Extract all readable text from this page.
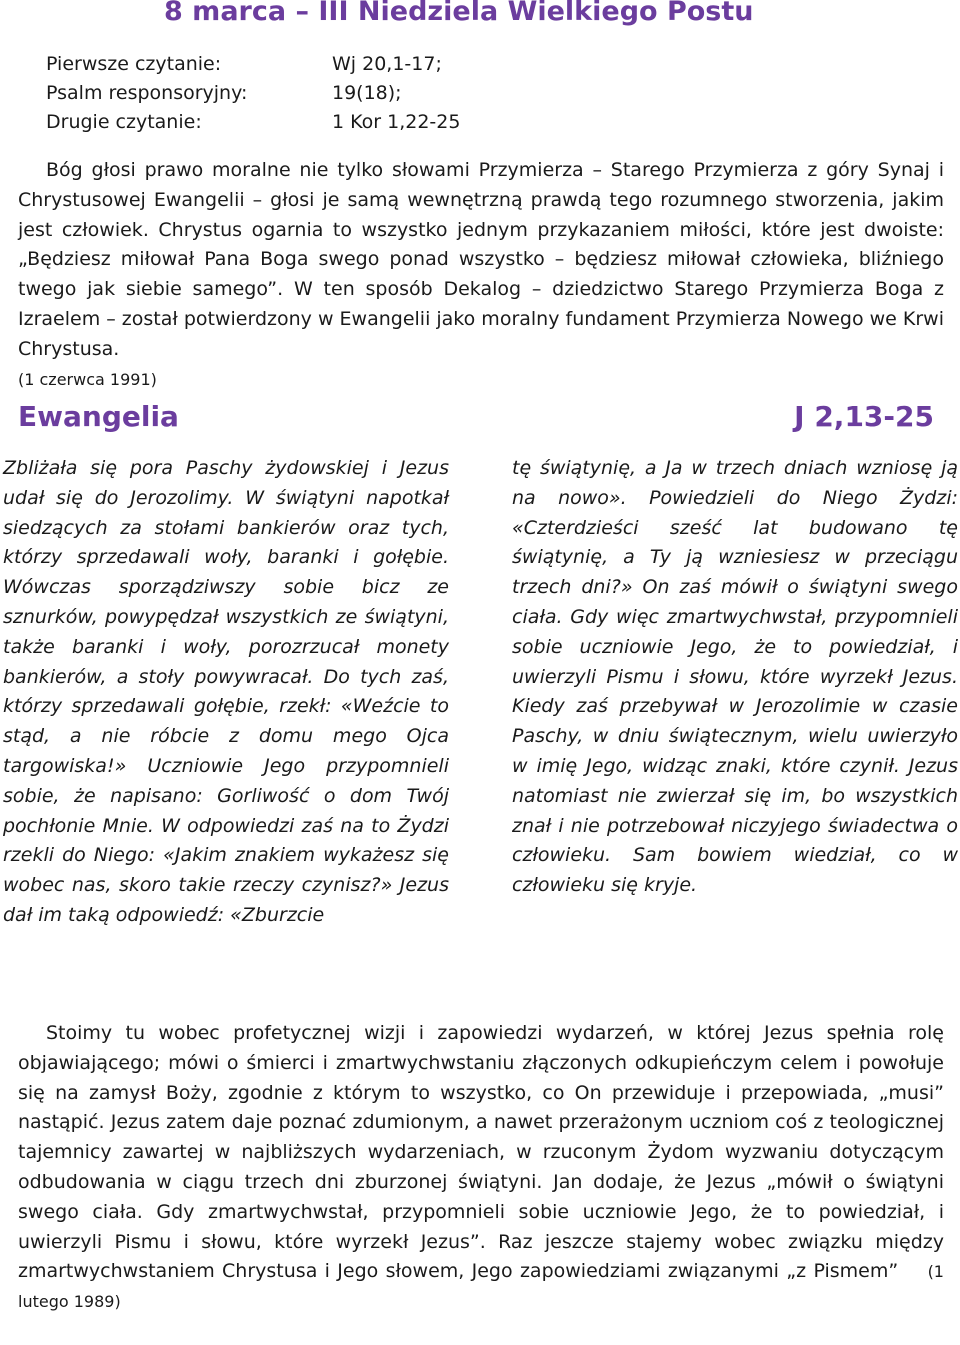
8 marca – III Niedziela Wielkiego Postu
Pierwsze czytanie:	Wj 20,1-17;
Psalm responsoryjny:	19(18);
Drugie czytanie:	1 Kor 1,22-25

Bóg głosi prawo moralne nie tylko słowami Przymierza – Starego Przymierza z góry Synaj i Chrystusowej Ewangelii – głosi je samą wewnętrzną prawdą tego rozumnego stworzenia, jakim jest człowiek. Chrystus ogarnia to wszystko jednym przykazaniem miłości, które jest dwoiste: „Będziesz miłował Pana Boga swego ponad wszystko – będziesz miłował człowieka, bliźniego twego jak siebie samego”. W ten sposób Dekalog – dziedzictwo Starego Przymierza Boga z Izraelem – został potwierdzony w Ewangelii jako moralny fundament Przymierza Nowego we Krwi Chrystusa.
(1 czerwca 1991)

Ewangelia	J 2,13-25

Zbliżała się pora Paschy żydowskiej i Jezus udał się do Jerozolimy. W świątyni napotkał siedzących za stołami bankierów oraz tych, którzy sprzedawali woły, baranki i gołębie. Wówczas sporządziwszy sobie bicz ze sznurków, powypędzał wszystkich ze świątyni, także baranki i woły, porozrzucał monety bankierów, a stoły powywracał. Do tych zaś, którzy sprzedawali gołębie, rzekł: «Weźcie to stąd, a nie róbcie z domu mego Ojca targowiska!» Uczniowie Jego przypomnieli sobie, że napisano: Gorliwość o dom Twój pochłonie Mnie. W odpowiedzi zaś na to Żydzi rzekli do Niego: «Jakim znakiem wykażesz się wobec nas, skoro takie rzeczy czynisz?» Jezus dał im taką odpowiedź: «Zburzcie

tę świątynię, a Ja w trzech dniach wzniosę ją na nowo». Powiedzieli do Niego Żydzi: «Czterdzieści sześć lat budowano tę świątynię, a Ty ją wzniesiesz w przeciągu trzech dni?» On zaś mówił o świątyni swego ciała. Gdy więc zmartwychwstał, przypomnieli sobie uczniowie Jego, że to powiedział, i uwierzyli Pismu i słowu, które wyrzekł Jezus. Kiedy zaś przebywał w Jerozolimie w czasie Paschy, w dniu świątecznym, wielu uwierzyło w imię Jego, widząc znaki, które czynił. Jezus natomiast nie zwierzał się im, bo wszystkich znał i nie potrzebował niczyjego świadectwa o człowieku. Sam bowiem wiedział, co w człowieku się kryje.

Stoimy tu wobec profetycznej wizji i zapowiedzi wydarzeń, w której Jezus spełnia rolę objawiającego; mówi o śmierci i zmartwychwstaniu złączonych odkupieńczym celem i powołuje się na zamysł Boży, zgodnie z którym to wszystko, co On przewiduje i przepowiada, „musi” nastąpić. Jezus zatem daje poznać zdumionym, a nawet przerażonym uczniom coś z teologicznej tajemnicy zawartej w najbliższych wydarzeniach, w rzuconym Żydom wyzwaniu dotyczącym odbudowania w ciągu trzech dni zburzonej świątyni. Jan dodaje, że Jezus „mówił o świątyni swego ciała. Gdy zmartwychwstał, przypomnieli sobie uczniowie Jego, że to powiedział, i uwierzyli Pismu i słowu, które wyrzekł Jezus”. Raz jeszcze stajemy wobec związku między zmartwychwstaniem Chrystusa i Jego słowem, Jego zapowiedziami związanymi „z Pismem” (1 lutego 1989)
